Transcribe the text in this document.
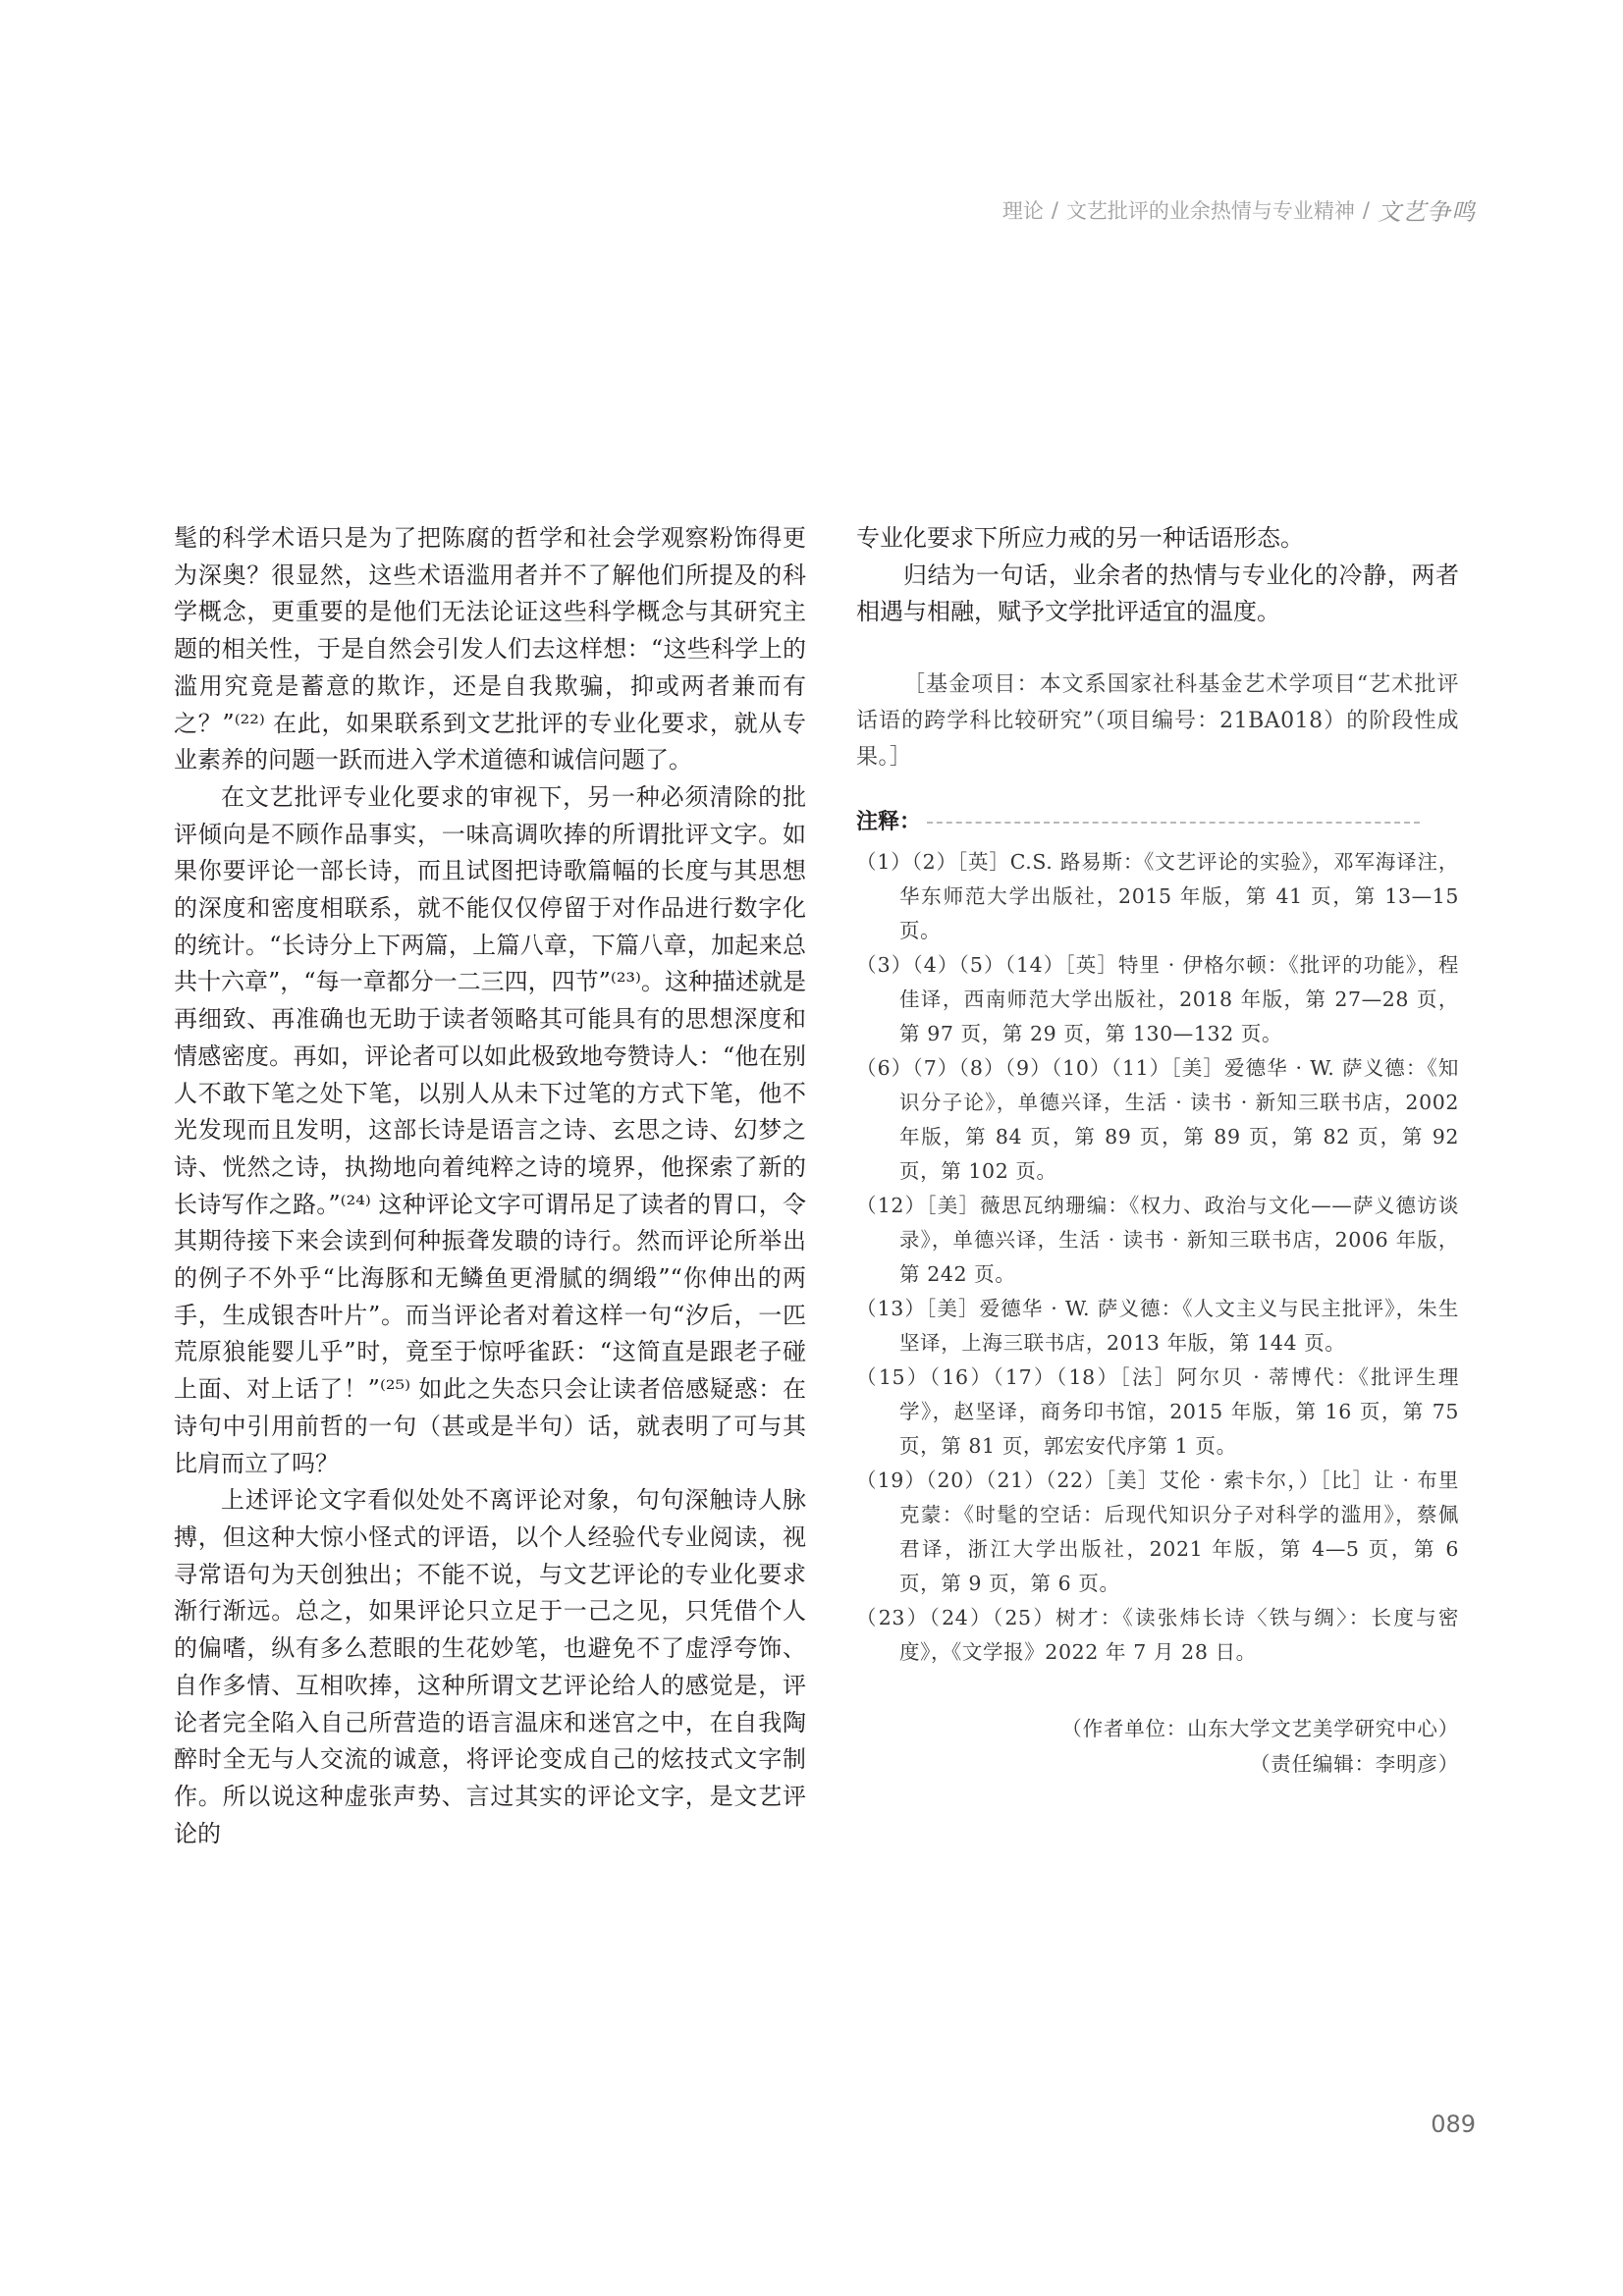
理论 / 文艺批评的业余热情与专业精神 / 文艺争鸣

髦的科学术语只是为了把陈腐的哲学和社会学观察粉饰得更为深奥？很显然，这些术语滥用者并不了解他们所提及的科学概念，更重要的是他们无法论证这些科学概念与其研究主题的相关性，于是自然会引发人们去这样想：“这些科学上的滥用究竟是蓄意的欺诈，还是自我欺骗，抑或两者兼而有之？”⁽²²⁾ 在此，如果联系到文艺批评的专业化要求，就从专业素养的问题一跃而进入学术道德和诚信问题了。

在文艺批评专业化要求的审视下，另一种必须清除的批评倾向是不顾作品事实，一味高调吹捧的所谓批评文字。如果你要评论一部长诗，而且试图把诗歌篇幅的长度与其思想的深度和密度相联系，就不能仅仅停留于对作品进行数字化的统计。“长诗分上下两篇，上篇八章，下篇八章，加起来总共十六章”，“每一章都分一二三四，四节”⁽²³⁾。这种描述就是再细致、再准确也无助于读者领略其可能具有的思想深度和情感密度。再如，评论者可以如此极致地夸赞诗人：“他在别人不敢下笔之处下笔，以别人从未下过笔的方式下笔，他不光发现而且发明，这部长诗是语言之诗、玄思之诗、幻梦之诗、恍然之诗，执拗地向着纯粹之诗的境界，他探索了新的长诗写作之路。”⁽²⁴⁾ 这种评论文字可谓吊足了读者的胃口，令其期待接下来会读到何种振聋发聩的诗行。然而评论所举出的例子不外乎“比海豚和无鳞鱼更滑腻的绸缎”“你伸出的两手，生成银杏叶片”。而当评论者对着这样一句“汐后，一匹荒原狼能婴儿乎”时，竟至于惊呼雀跃：“这简直是跟老子碰上面、对上话了！”⁽²⁵⁾ 如此之失态只会让读者倍感疑惑：在诗句中引用前哲的一句（甚或是半句）话，就表明了可与其比肩而立了吗？

上述评论文字看似处处不离评论对象，句句深触诗人脉搏，但这种大惊小怪式的评语，以个人经验代专业阅读，视寻常语句为天创独出；不能不说，与文艺评论的专业化要求渐行渐远。总之，如果评论只立足于一己之见，只凭借个人的偏嗜，纵有多么惹眼的生花妙笔，也避免不了虚浮夸饰、自作多情、互相吹捧，这种所谓文艺评论给人的感觉是，评论者完全陷入自己所营造的语言温床和迷宫之中，在自我陶醉时全无与人交流的诚意，将评论变成自己的炫技式文字制作。所以说这种虚张声势、言过其实的评论文字，是文艺评论的

专业化要求下所应力戒的另一种话语形态。

归结为一句话，业余者的热情与专业化的冷静，两者相遇与相融，赋予文学批评适宜的温度。

［基金项目：本文系国家社科基金艺术学项目“艺术批评话语的跨学科比较研究”（项目编号：21BA018）的阶段性成果。］

注释：

（1）（2）［英］C.S. 路易斯：《文艺评论的实验》，邓军海译注，华东师范大学出版社，2015 年版，第 41 页，第 13—15 页。

（3）（4）（5）（14）［英］特里 · 伊格尔顿：《批评的功能》，程佳译，西南师范大学出版社，2018 年版，第 27—28 页，第 97 页，第 29 页，第 130—132 页。

（6）（7）（8）（9）（10）（11）［美］爱德华 · W. 萨义德：《知识分子论》，单德兴译，生活 · 读书 · 新知三联书店，2002 年版，第 84 页，第 89 页，第 89 页，第 82 页，第 92 页，第 102 页。

（12）［美］薇思瓦纳珊编：《权力、政治与文化——萨义德访谈录》，单德兴译，生活 · 读书 · 新知三联书店，2006 年版，第 242 页。

（13）［美］爱德华 · W. 萨义德：《人文主义与民主批评》，朱生坚译，上海三联书店，2013 年版，第 144 页。

（15）（16）（17）（18）［法］阿尔贝 · 蒂博代：《批评生理学》，赵坚译，商务印书馆，2015 年版，第 16 页，第 75 页，第 81 页，郭宏安代序第 1 页。

（19）（20）（21）（22）［美］艾伦 · 索卡尔，）［比］让 · 布里克蒙：《时髦的空话：后现代知识分子对科学的滥用》，蔡佩君译，浙江大学出版社，2021 年版，第 4—5 页，第 6 页，第 9 页，第 6 页。

（23）（24）（25）树才：《读张炜长诗〈铁与绸〉：长度与密度》，《文学报》2022 年 7 月 28 日。

（作者单位：山东大学文艺美学研究中心）

（责任编辑：李明彦）

089
